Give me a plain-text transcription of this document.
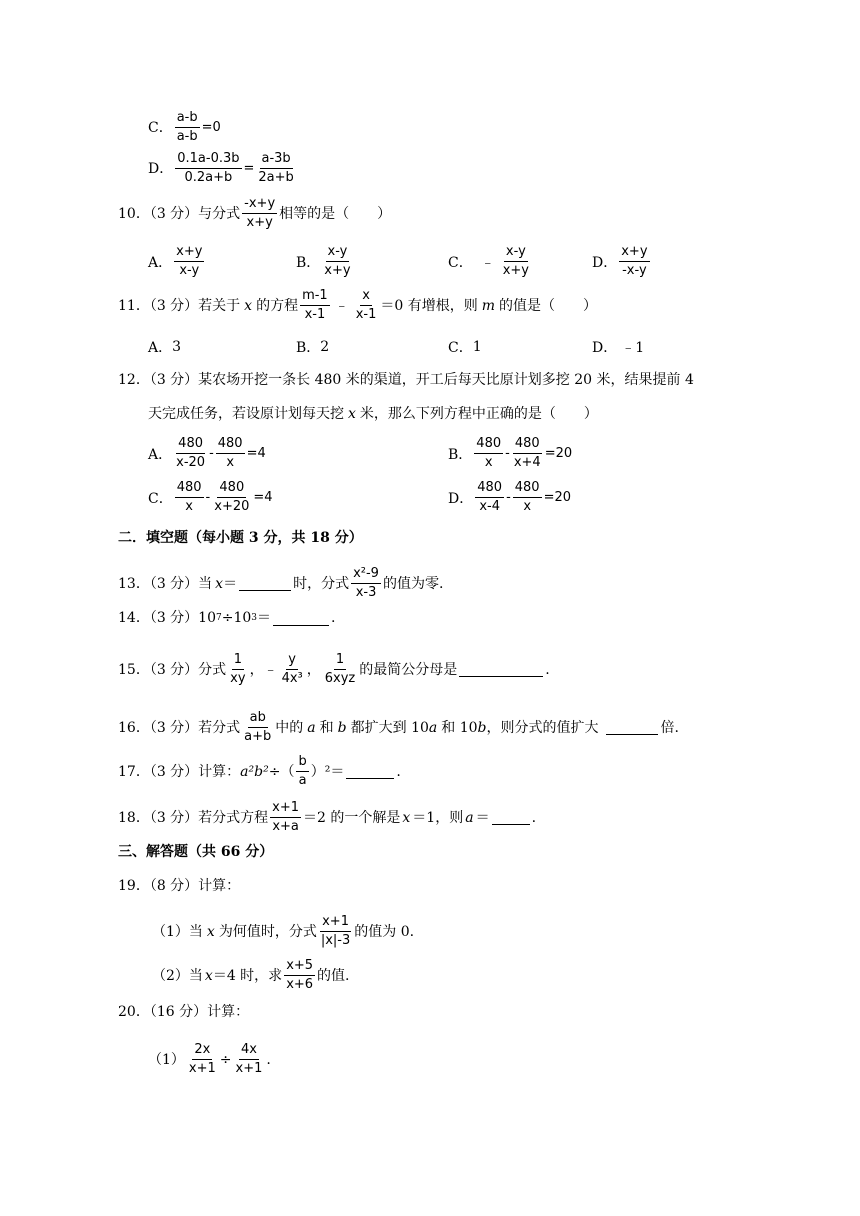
C． $\frac{a-b}{a-b} =0$
D． $\frac{0.1a-0.3b}{0.2a+b} = \frac{a-3b}{2a+b}$
10．（3 分）与分式 $\frac{-x+y}{x+y}$ 相等的是（　　）
A． $\frac{x+y}{x-y}$	B． $\frac{x-y}{x+y}$	C． ﹣ $\frac{x-y}{x+y}$	D． $\frac{x+y}{-x-y}$
11．（3 分）若关于 x 的方程 $\frac{m-1}{x-1}$ ﹣ $\frac{x}{x-1} =0$ 有增根，则 m 的值是（　　）
A． 3	B． 2	C． 1	D． ﹣1
12．（3 分）某农场开挖一条长 480 米的渠道，开工后每天比原计划多挖 20 米，结果提前 4
天完成任务，若设原计划每天挖 x 米，那么下列方程中正确的是（　　）
A． $\frac{480}{x-20} - \frac{480}{x} =4$	B． $\frac{480}{x} - \frac{480}{x+4} =20$
C． $\frac{480}{x} - \frac{480}{x+20} =4$	D． $\frac{480}{x-4} - \frac{480}{x} =20$
二．填空题（每小题 3 分，共 18 分）
13．（3 分）当 x ＝	时，分式 $\frac{\text{x²-9}}{x-3}$ 的值为零.
14．（3 分）10 7 ÷10 3 ＝	.
15．（3 分）分式 $\frac{1}{xy}$ ， ﹣ $\frac{y}{\text{4x³}}$ ， $\frac{1}{\text{6xyz}}$ 的最简公分母是	.
16．（3 分）若分式 $\frac{ab}{a+b}$ 中的 a 和 b 都扩大到 10 a 和 10 b ，则分式的值扩大	倍.
17．（3 分）计算： a²b² ÷（ $\frac{b}{a} )^2=$	.
18．（3 分）若分式方程 $\frac{x+1}{x+a} =2$ 的一个解是 x ＝1，则 a ＝	.
三、解答题（共 66 分）
19．（8 分）计算：
（1）当 x 为何值时，分式 $\frac{x+1}{|x|-3}$ 的值为 0.
（2）当 x ＝4 时，求 $\frac{x+5}{x+6}$ 的值.
20．（16 分）计算：
$(1) \frac{2x}{x+1} \div \frac{4x}{x+1}$ .
